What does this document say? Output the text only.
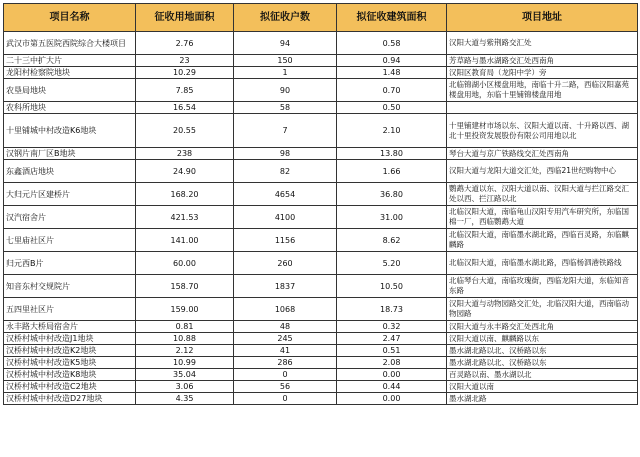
项目名称	征收用地面积	拟征收户数	拟征收建筑面积	项目地址
武汉市第五医院西院综合大楼项目	2.76	94	0.58	汉阳大道与紫荆路交汇处
二十三中扩大片	23	150	0.94	芳草路与墨水湖路交汇处西南角
龙阳村检察院地块	10.29	1	1.48	汉阳区教育局（龙阳中学）旁
农垦局地块	7.85	90	0.70	北临锦湖小区楼盘用地，南临十升二路，西临汉阳嘉苑楼盘用地，东临十里铺锦楼盘用地
农科所地块	16.54	58	0.50	
十里铺城中村改造K6地块	20.55	7	2.10	十里铺建材市场以东、汉阳大道以南、十升路以西、湖北十里投资发展股份有限公司用地以北
汉钢片南厂区B地块	238	98	13.80	琴台大道与京广铁路线交汇处西南角
东鑫酒店地块	24.90	82	1.66	汉阳大道与龙阳大道交汇处，西临21世纪购物中心
大归元片区建桥片	168.20	4654	36.80	鹦鹉大道以东、汉阳大道以南、汉阳大道与拦江路交汇处以西、拦江路以北
汉汽宿舍片	421.53	4100	31.00	北临汉阳大道，南临龟山汉阳专用汽车研究所，东临国棉一厂，西临鹦鹉大道
七里庙社区片	141.00	1156	8.62	北临汉阳大道，南临墨水湖北路，西临百灵路，东临麒麟路
归元西B片	60.00	260	5.20	北临汉阳大道，南临墨水湖北路，西临杨泗港铁路线
知音东村交规院片	158.70	1837	10.50	北临琴台大道，南临玫瑰街，西临龙阳大道，东临知音东路
五四里社区片	159.00	1068	18.73	汉阳大道与动物园路交汇处，北临汉阳大道，西南临动物园路
永丰路大桥局宿舍片	0.81	48	0.32	汉阳大道与永丰路交汇处西北角
汉桥村城中村改造J1地块	10.88	245	2.47	汉阳大道以南、麒麟路以东
汉桥村城中村改造K2地块	2.12	41	0.51	墨水湖北路以北、汉桥路以东
汉桥村城中村改造K5地块	10.99	286	2.08	墨水湖北路以北、汉桥路以东
汉桥村城中村改造K8地块	35.04	0	0.00	百灵路以南、墨水湖以北
汉桥村城中村改造C2地块	3.06	56	0.44	汉阳大道以南
汉桥村城中村改造D27地块	4.35	0	0.00	墨水湖北路
